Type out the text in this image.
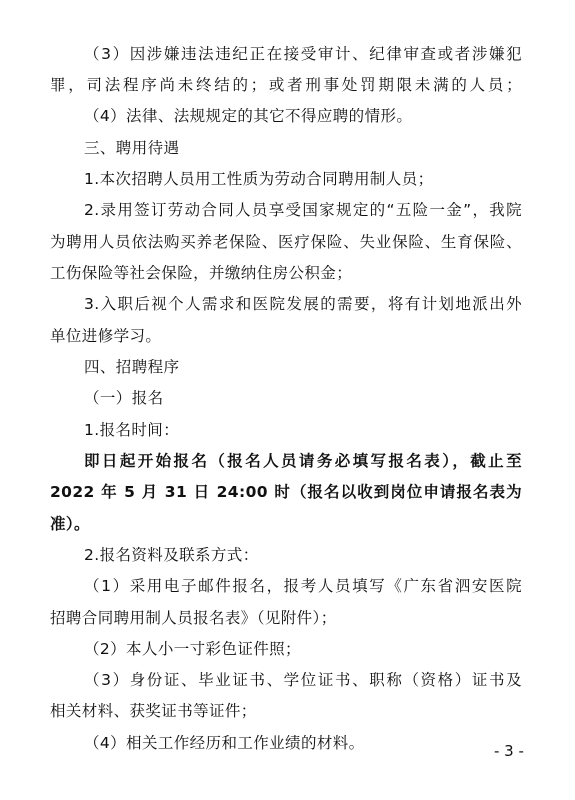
（3）因涉嫌违法违纪正在接受审计、纪律审查或者涉嫌犯
罪，司法程序尚未终结的；或者刑事处罚期限未满的人员；
（4）法律、法规规定的其它不得应聘的情形。
三、聘用待遇
1.本次招聘人员用工性质为劳动合同聘用制人员；
2.录用签订劳动合同人员享受国家规定的“五险一金”，我院
为聘用人员依法购买养老保险、医疗保险、失业保险、生育保险、
工伤保险等社会保险，并缴纳住房公积金；
3.入职后视个人需求和医院发展的需要，将有计划地派出外
单位进修学习。
四、招聘程序
（一）报名
1.报名时间：
即日起开始报名（报名人员请务必填写报名表），截止至
2022 年 5 月 31 日 24:00 时（报名以收到岗位申请报名表为
准）。
2.报名资料及联系方式：
（1）采用电子邮件报名，报考人员填写《广东省泗安医院
招聘合同聘用制人员报名表》（见附件）；
（2）本人小一寸彩色证件照；
（3）身份证、毕业证书、学位证书、职称（资格）证书及
相关材料、获奖证书等证件；
（4）相关工作经历和工作业绩的材料。	- 3 -
